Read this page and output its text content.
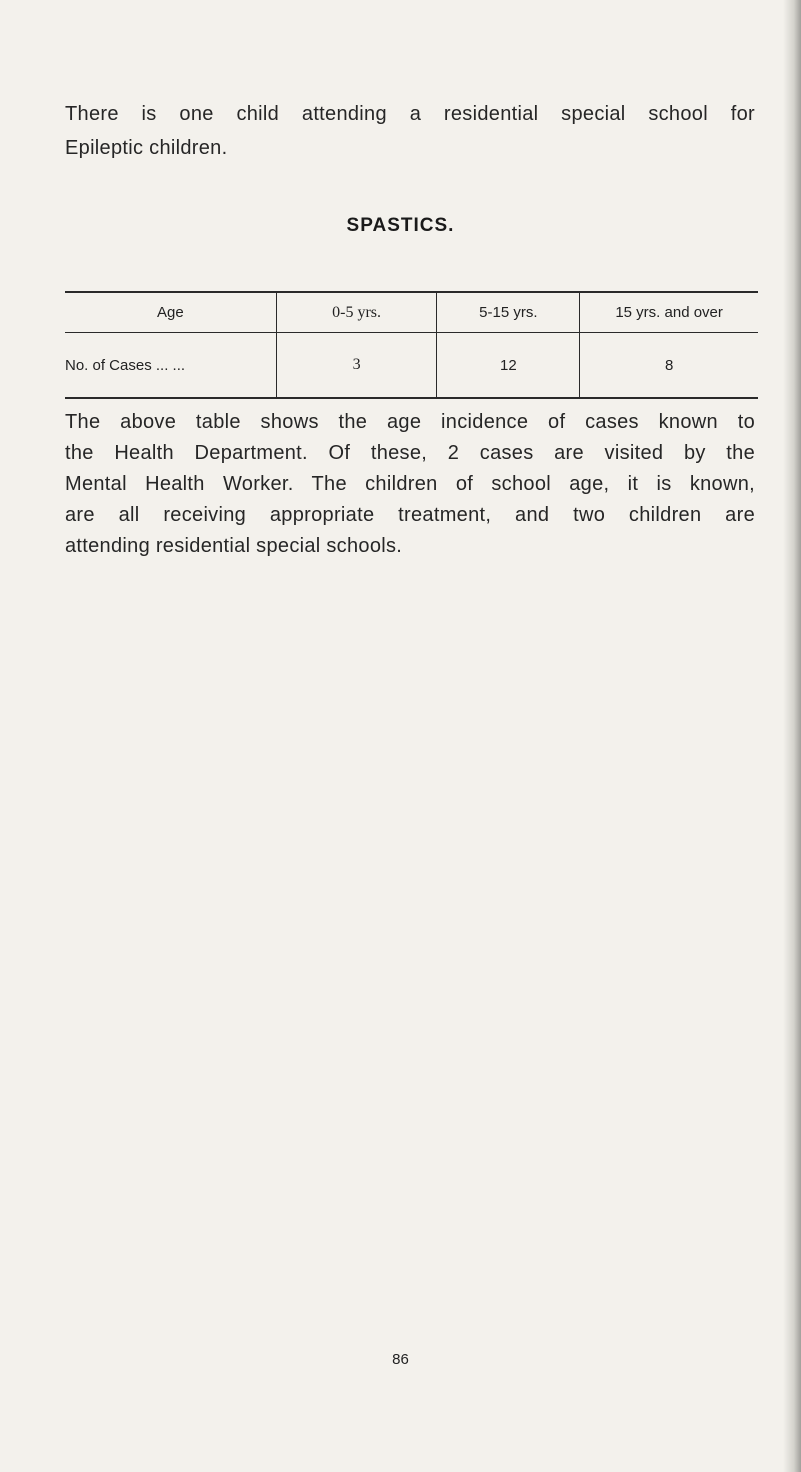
There is one child attending a residential special school for
Epileptic children.
SPASTICS.
Age	0-5 yrs.	5-15 yrs.	15 yrs. and over
No. of Cases ... ...	3	12	8
The above table shows the age incidence of cases known to
the Health Department. Of these, 2 cases are visited by the
Mental Health Worker. The children of school age, it is known,
are all receiving appropriate treatment, and two children are
attending residential special schools.
86
